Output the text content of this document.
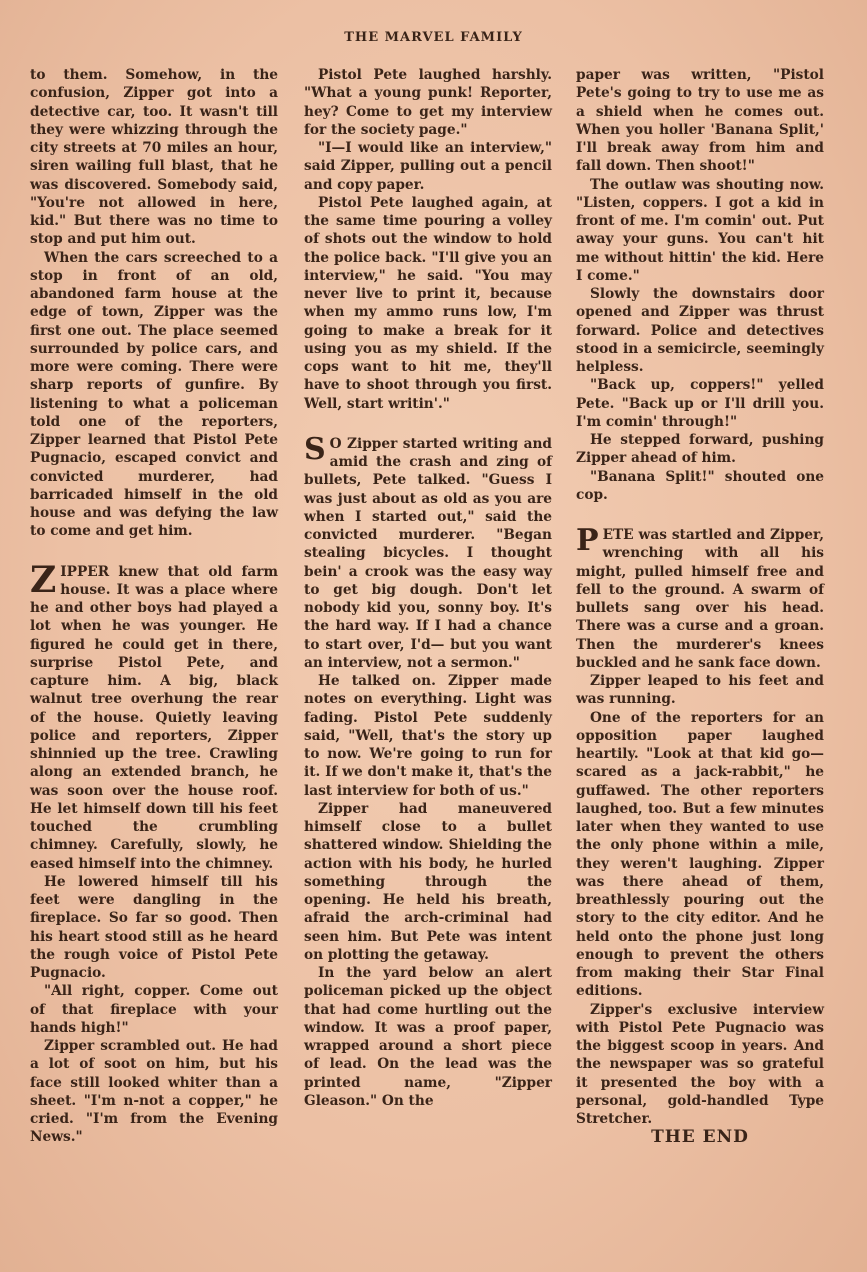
THE MARVEL FAMILY

to them. Somehow, in the confusion, Zipper got into a detective car, too. It wasn't till they were whizzing through the city streets at 70 miles an hour, siren wailing full blast, that he was discovered. Somebody said, "You're not allowed in here, kid." But there was no time to stop and put him out.

When the cars screeched to a stop in front of an old, abandoned farm house at the edge of town, Zipper was the first one out. The place seemed surrounded by police cars, and more were coming. There were sharp reports of gunfire. By listening to what a policeman told one of the reporters, Zipper learned that Pistol Pete Pugnacio, escaped convict and convicted murderer, had barricaded himself in the old house and was defying the law to come and get him.

ZIPPER knew that old farm house. It was a place where he and other boys had played a lot when he was younger. He figured he could get in there, surprise Pistol Pete, and capture him. A big, black walnut tree overhung the rear of the house. Quietly leaving police and reporters, Zipper shinnied up the tree. Crawling along an extended branch, he was soon over the house roof. He let himself down till his feet touched the crumbling chimney. Carefully, slowly, he eased himself into the chimney.

He lowered himself till his feet were dangling in the fireplace. So far so good. Then his heart stood still as he heard the rough voice of Pistol Pete Pugnacio.

"All right, copper. Come out of that fireplace with your hands high!"

Zipper scrambled out. He had a lot of soot on him, but his face still looked whiter than a sheet. "I'm n-not a copper," he cried. "I'm from the Evening News."

Pistol Pete laughed harshly. "What a young punk! Reporter, hey? Come to get my interview for the society page."

"I—I would like an interview," said Zipper, pulling out a pencil and copy paper.

Pistol Pete laughed again, at the same time pouring a volley of shots out the window to hold the police back. "I'll give you an interview," he said. "You may never live to print it, because when my ammo runs low, I'm going to make a break for it using you as my shield. If the cops want to hit me, they'll have to shoot through you first. Well, start writin'."

SO Zipper started writing and amid the crash and zing of bullets, Pete talked. "Guess I was just about as old as you are when I started out," said the convicted murderer. "Began stealing bicycles. I thought bein' a crook was the easy way to get big dough. Don't let nobody kid you, sonny boy. It's the hard way. If I had a chance to start over, I'd— but you want an interview, not a sermon."

He talked on. Zipper made notes on everything. Light was fading. Pistol Pete suddenly said, "Well, that's the story up to now. We're going to run for it. If we don't make it, that's the last interview for both of us."

Zipper had maneuvered himself close to a bullet shattered window. Shielding the action with his body, he hurled something through the opening. He held his breath, afraid the arch-criminal had seen him. But Pete was intent on plotting the getaway.

In the yard below an alert policeman picked up the object that had come hurtling out the window. It was a proof paper, wrapped around a short piece of lead. On the lead was the printed name, "Zipper Gleason." On the

paper was written, "Pistol Pete's going to try to use me as a shield when he comes out. When you holler 'Banana Split,' I'll break away from him and fall down. Then shoot!"

The outlaw was shouting now. "Listen, coppers. I got a kid in front of me. I'm comin' out. Put away your guns. You can't hit me without hittin' the kid. Here I come."

Slowly the downstairs door opened and Zipper was thrust forward. Police and detectives stood in a semicircle, seemingly helpless.

"Back up, coppers!" yelled Pete. "Back up or I'll drill you. I'm comin' through!"

He stepped forward, pushing Zipper ahead of him.

"Banana Split!" shouted one cop.

PETE was startled and Zipper, wrenching with all his might, pulled himself free and fell to the ground. A swarm of bullets sang over his head. There was a curse and a groan. Then the murderer's knees buckled and he sank face down.

Zipper leaped to his feet and was running.

One of the reporters for an opposition paper laughed heartily. "Look at that kid go—scared as a jack-rabbit," he guffawed. The other reporters laughed, too. But a few minutes later when they wanted to use the only phone within a mile, they weren't laughing. Zipper was there ahead of them, breathlessly pouring out the story to the city editor. And he held onto the phone just long enough to prevent the others from making their Star Final editions.

Zipper's exclusive interview with Pistol Pete Pugnacio was the biggest scoop in years. And the newspaper was so grateful it presented the boy with a personal, gold-handled Type Stretcher.

THE END
